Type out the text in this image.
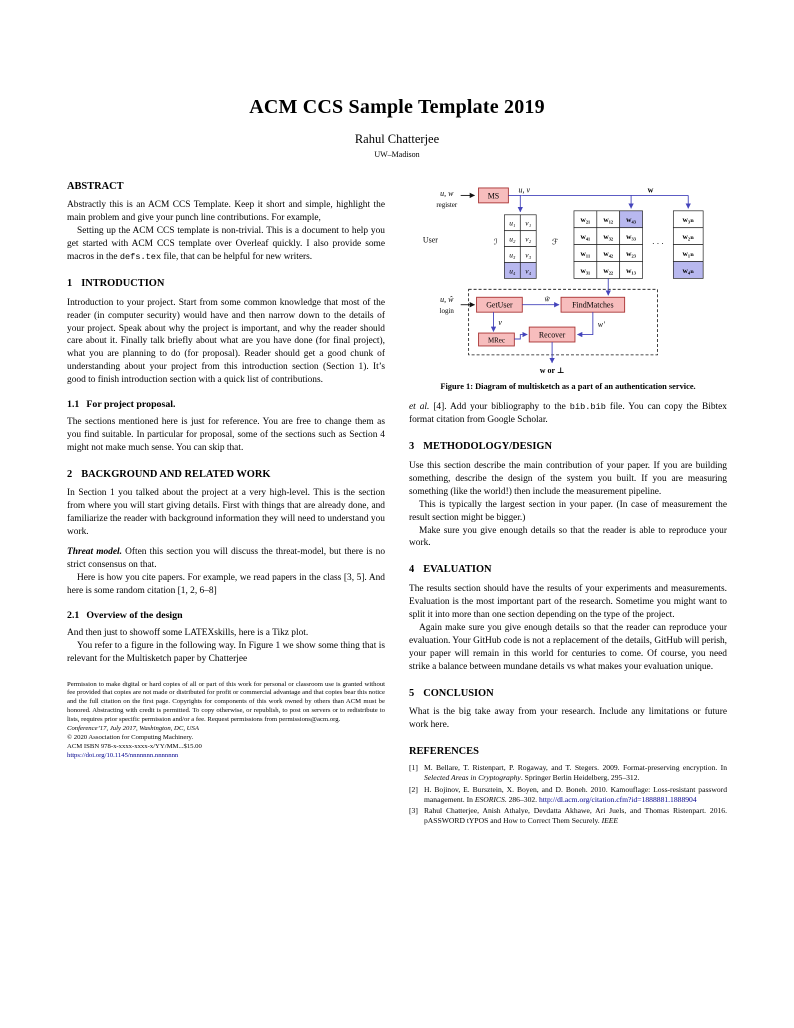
ACM CCS Sample Template 2019
Rahul Chatterjee
UW–Madison
ABSTRACT

Abstractly this is an ACM CCS Template. Keep it short and simple, highlight the main problem and give your punch line contributions. For example,

Setting up the ACM CCS template is non-trivial. This is a document to help you get started with ACM CCS template over Overleaf quickly. I also provide some macros in the defs.tex file, that can be helpful for new writers.

1 INTRODUCTION

Introduction to your project. Start from some common knowledge that most of the reader (in computer security) would have and then narrow down to the details of your project. Speak about why the project is important, and why the reader should care about it. Finally talk briefly about what are you have done (for final project), what you are planning to do (for proposal). Reader should get a good chunk of understanding about your project from this introduction section (Section 1). It’s good to finish introduction section with a quick list of contributions.

1.1 For project proposal.

The sections mentioned here is just for reference. You are free to change them as you find suitable. In particular for proposal, some of the sections such as Section 4 might not make much sense. You can skip that.

2 BACKGROUND AND RELATED WORK

In Section 1 you talked about the project at a very high-level. This is the section from where you will start giving details. First with things that are already done, and familiarize the reader with background information they will need to understand you work.

Threat model. Often this section you will discuss the threat-model, but there is no strict consensus on that.

Here is how you cite papers. For example, we read papers in the class [3, 5]. And here is some random citation [1, 2, 6–8]

2.1 Overview of the design

And then just to showoff some LATEXskills, here is a Tikz plot.

You refer to a figure in the following way. In Figure 1 we show some thing that is relevant for the Multisketch paper by Chatterjee

Permission to make digital or hard copies of all or part of this work for personal or classroom use is granted without fee provided that copies are not made or distributed for profit or commercial advantage and that copies bear this notice and the full citation on the first page. Copyrights for components of this work owned by others than ACM must be honored. Abstracting with credit is permitted. To copy otherwise, or republish, to post on servers or to redistribute to lists, requires prior specific permission and/or a fee. Request permissions from permissions@acm.org.

Conference’17, July 2017, Washington, DC, USA

© 2020 Association for Computing Machinery.

ACM ISBN 978-x-xxxx-xxxx-x/YY/MM...$15.00

https://doi.org/10.1145/nnnnnnn.nnnnnnn

u, w
register
MS
u, v	w
User	ℐ	ℱ
u₁
u₂
u₃
u₄
v₁
v₂
v₃
v₄
w₂₁ w₁₂ w₄₃
w₄₁ w₃₂ w₃₃
w₁₁ w₄₂ w₂₃
w₃₁ w₂₂ w₁₃
· · ·
w₃ₙ
w₂ₙ
w₁ₙ
w₄ₙ
u, ŵ
login
GetUser	FindMatches
w̃
v
MRec
Recover
w′
w or ⊥
Figure 1: Diagram of multisketch as a part of an authentication service.

et al. [4]. Add your bibliography to the bib.bib file. You can copy the Bibtex format citation from Google Scholar.

3 METHODOLOGY/DESIGN

Use this section describe the main contribution of your paper. If you are building something, describe the design of the system you built. If you are measuring something (like the world!) then include the measurement pipeline.

This is typically the largest section in your paper. (In case of measurement the result section might be bigger.)

Make sure you give enough details so that the reader is able to reproduce your work.

4 EVALUATION

The results section should have the results of your experiments and measurements. Evaluation is the most important part of the research. Sometime you might want to split it into more than one section depending on the type of the project.

Again make sure you give enough details so that the reader can reproduce your evaluation. Your GitHub code is not a replacement of the details, GitHub will perish, your paper will remain in this world for centuries to come. Of course, you need strike a balance between mundane details vs what makes your evaluation unique.

5 CONCLUSION

What is the big take away from your research. Include any limitations or future work here.

REFERENCES
[1] M. Bellare, T. Ristenpart, P. Rogaway, and T. Stegers. 2009. Format-preserving encryption. In Selected Areas in Cryptography. Springer Berlin Heidelberg, 295–312.
[2] H. Bojinov, E. Bursztein, X. Boyen, and D. Boneh. 2010. Kamouflage: Loss-resistant password management. In ESORICS. 286–302. http://dl.acm.org/citation.cfm?id=1888881.1888904
[3] Rahul Chatterjee, Anish Athalye, Devdatta Akhawe, Ari Juels, and Thomas Ristenpart. 2016. pASSWORD tYPOS and How to Correct Them Securely. IEEE
